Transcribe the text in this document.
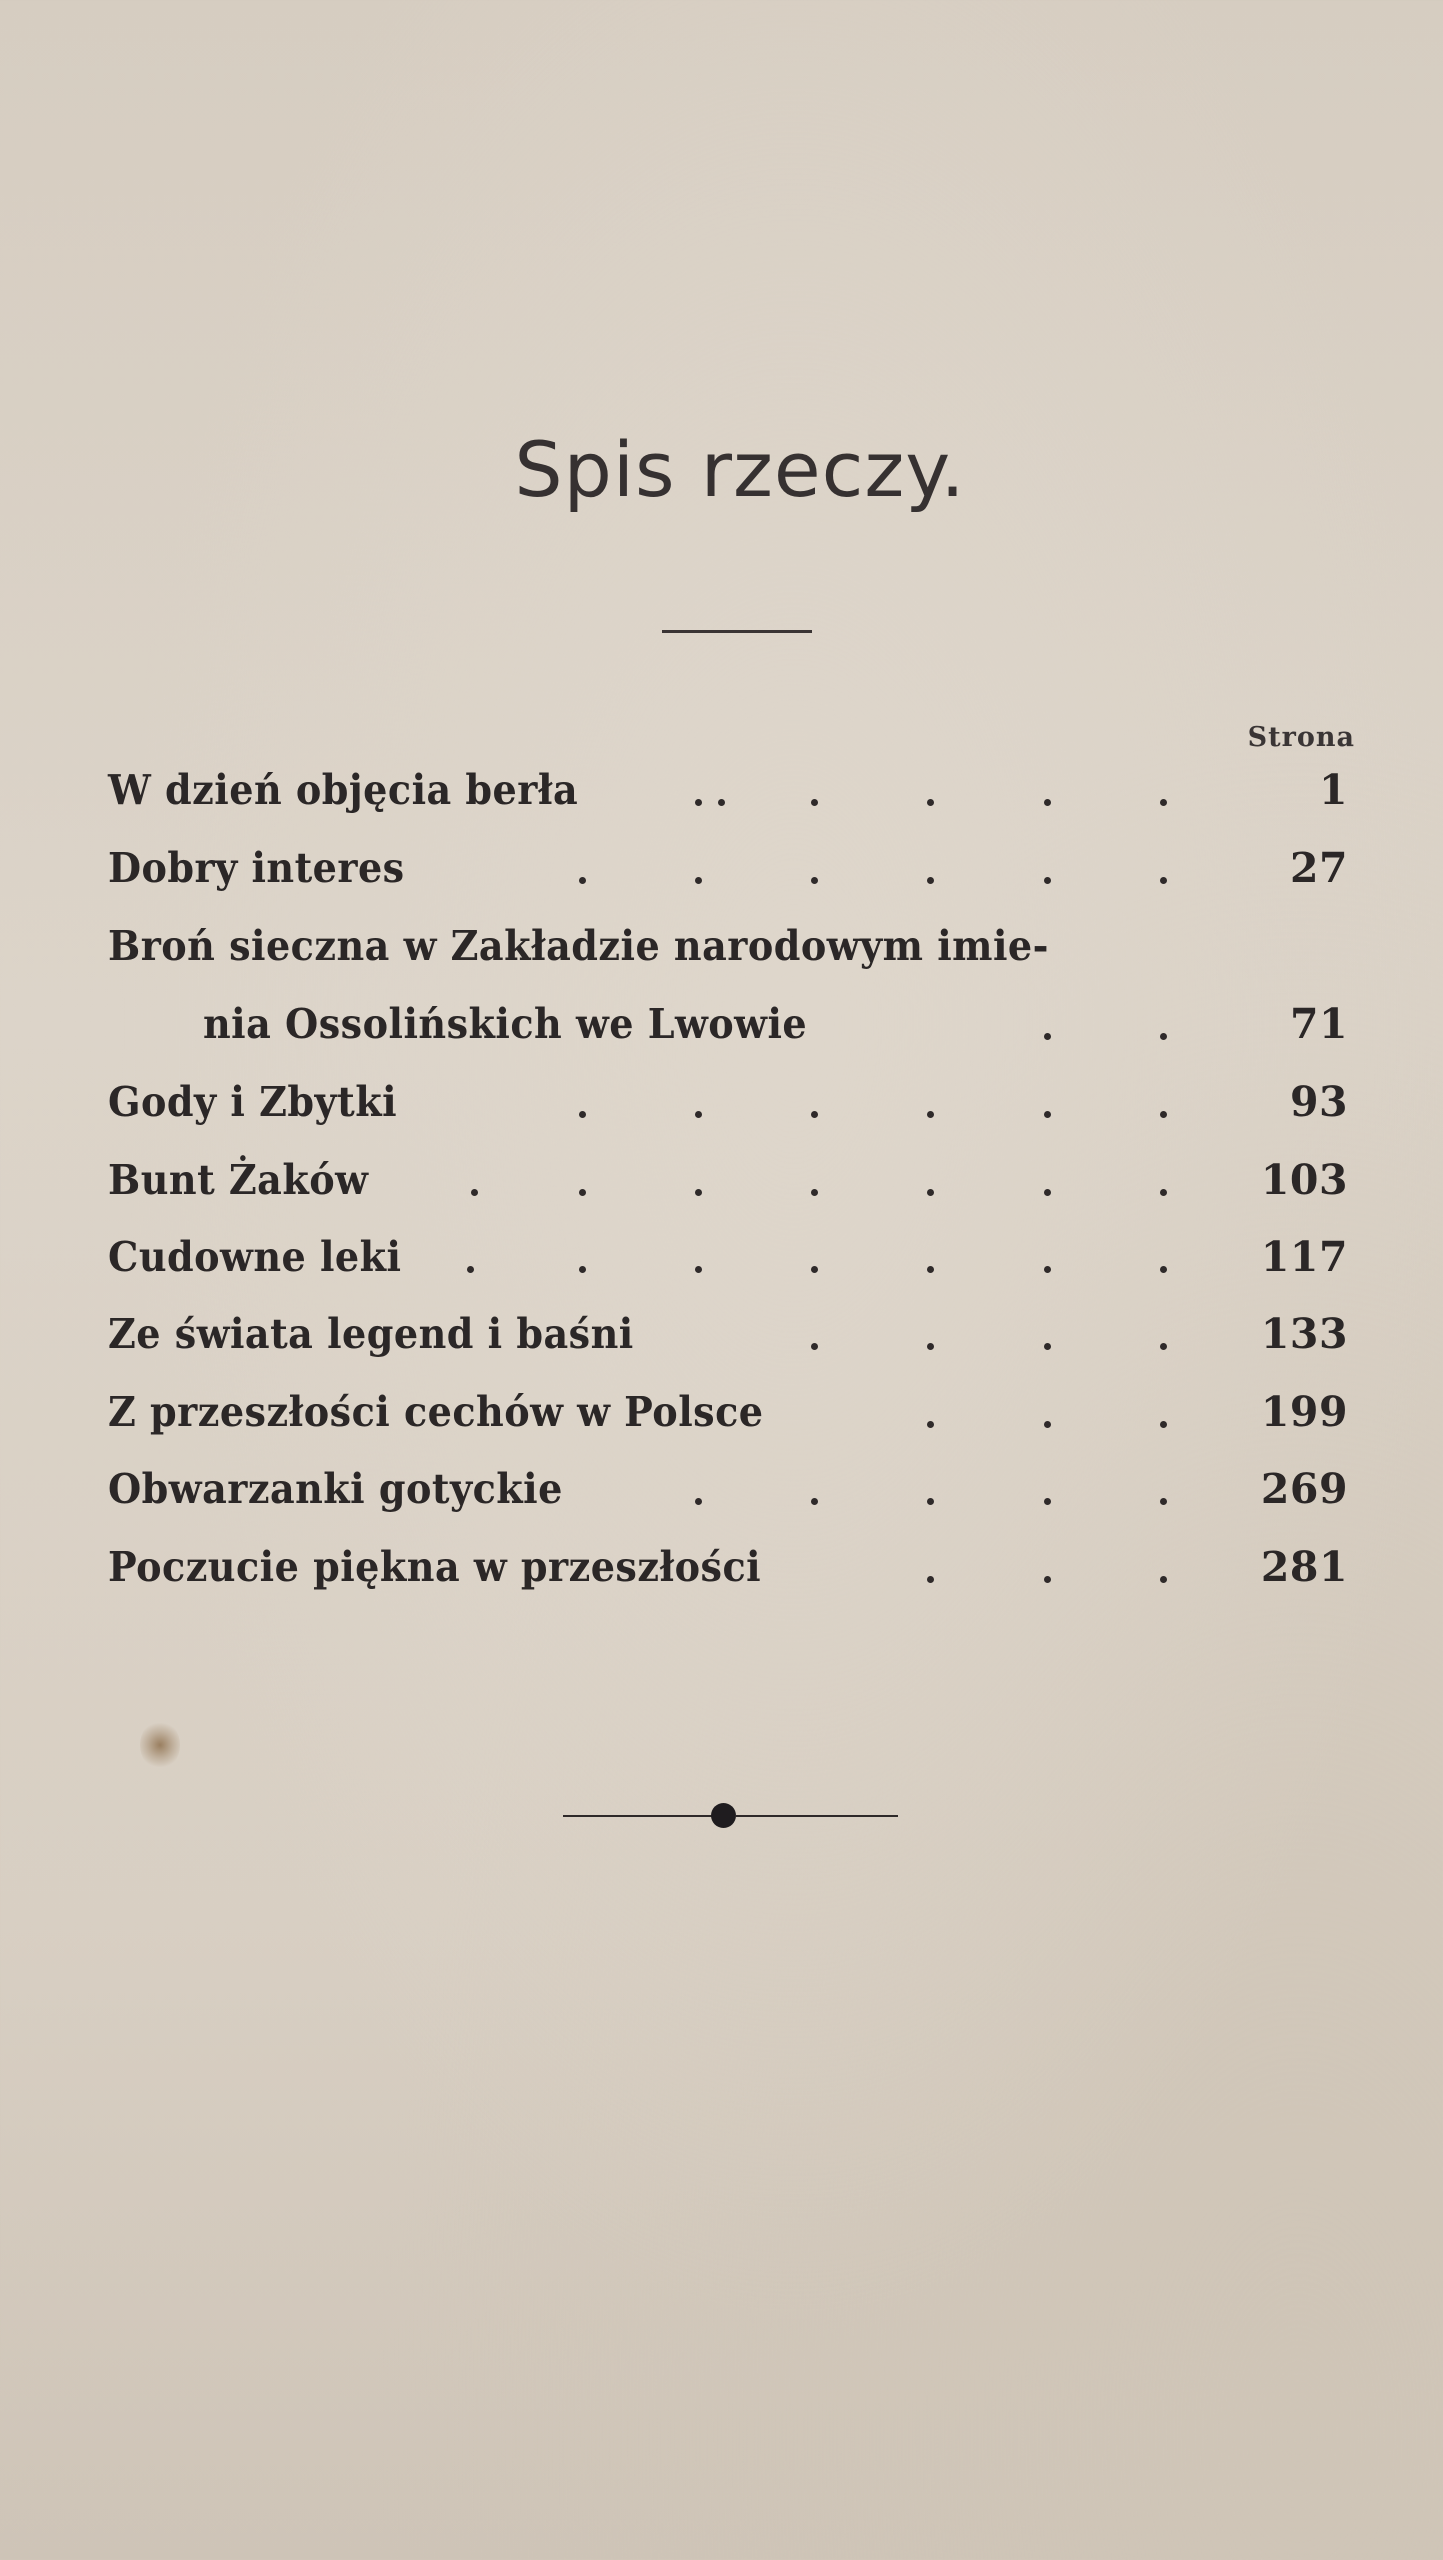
Spis rzeczy.
Strona
W dzień objęcia berła	1
Dobry interes	27
Broń sieczna w Zakładzie narodowym imie-
nia Ossolińskich we Lwowie	71
Gody i Zbytki	93
Bunt Żaków	103
Cudowne leki	117
Ze świata legend i baśni	133
Z przeszłości cechów w Polsce	199
Obwarzanki gotyckie	269
Poczucie piękna w przeszłości	281
